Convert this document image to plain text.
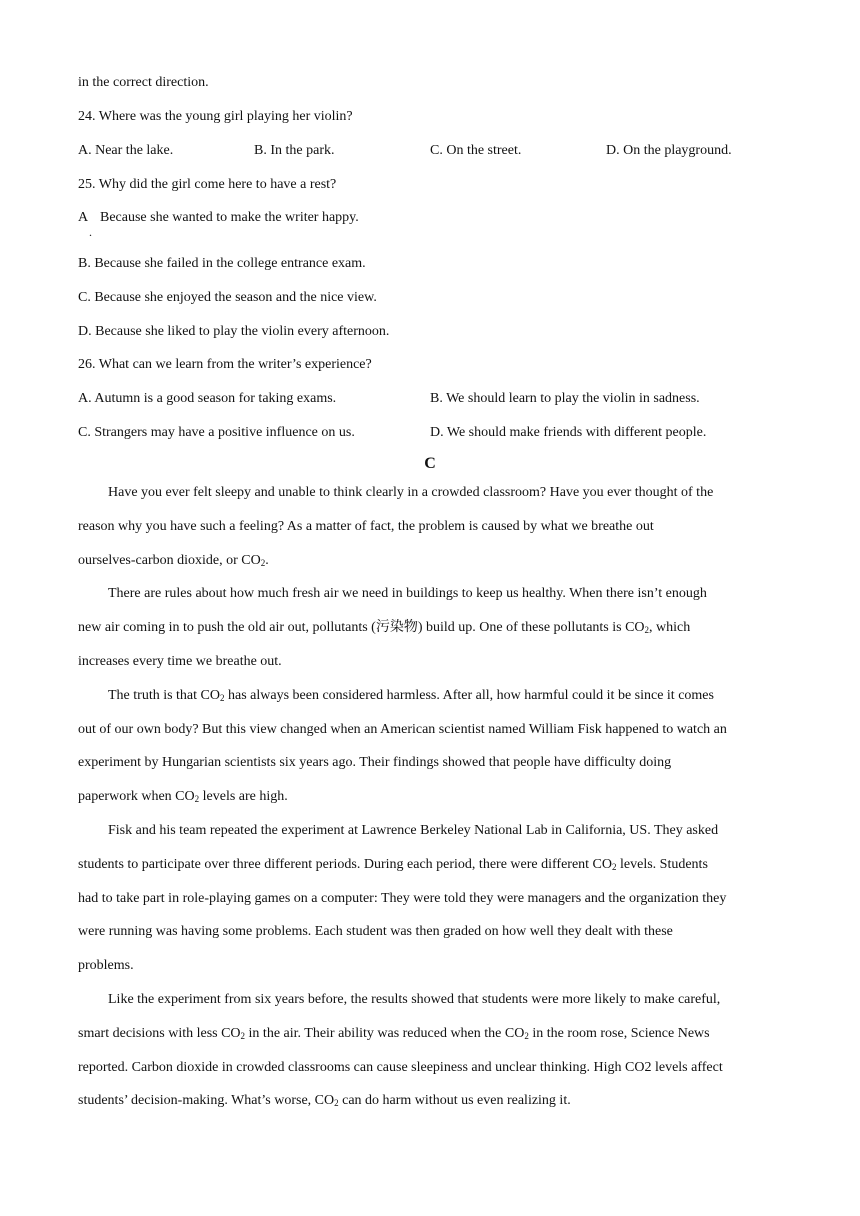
in the correct direction.
24. Where was the young girl playing her violin?
A. Near the lake.	B. In the park.	C. On the street.	D. On the playground.
25. Why did the girl come here to have a rest?
A
.
Because she wanted to make the writer happy.
B. Because she failed in the college entrance exam.
C. Because she enjoyed the season and the nice view.
D. Because she liked to play the violin every afternoon.
26. What can we learn from the writer’s experience?
A. Autumn is a good season for taking exams.	B. We should learn to play the violin in sadness.
C. Strangers may have a positive influence on us.	D. We should make friends with different people.
C
Have you ever felt sleepy and unable to think clearly in a crowded classroom? Have you ever thought of the
reason why you have such a feeling? As a matter of fact, the problem is caused by what we breathe out
ourselves-carbon dioxide, or $CO_2$.
There are rules about how much fresh air we need in buildings to keep us healthy. When there isn’t enough
new air coming in to push the old air out, pollutants (污染物) build up. One of these pollutants is $CO_2$, which
increases every time we breathe out.
The truth is that $CO_2$ has always been considered harmless. After all, how harmful could it be since it comes
out of our own body? But this view changed when an American scientist named William Fisk happened to watch an
experiment by Hungarian scientists six years ago. Their findings showed that people have difficulty doing
paperwork when $CO_2$ levels are high.
Fisk and his team repeated the experiment at Lawrence Berkeley National Lab in California, US. They asked
students to participate over three different periods. During each period, there were different $CO_2$ levels. Students
had to take part in role-playing games on a computer: They were told they were managers and the organization they
were running was having some problems. Each student was then graded on how well they dealt with these
problems.
Like the experiment from six years before, the results showed that students were more likely to make careful,
smart decisions with less $CO_2$ in the air. Their ability was reduced when the $CO_2$ in the room rose, Science News
reported. Carbon dioxide in crowded classrooms can cause sleepiness and unclear thinking. High CO2 levels affect
students’ decision-making. What’s worse, $CO_2$ can do harm without us even realizing it.
